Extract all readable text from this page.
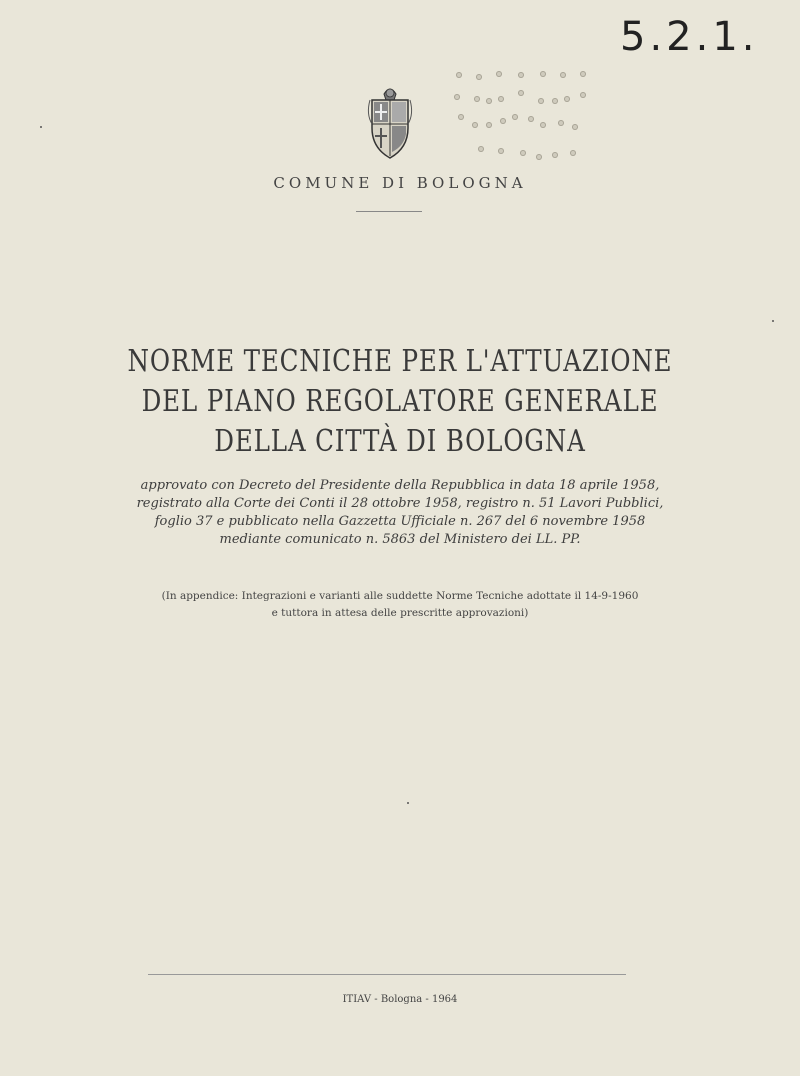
5.2.1.
COMUNE DI BOLOGNA
NORME TECNICHE PER L'ATTUAZIONE
DEL PIANO REGOLATORE GENERALE
DELLA CITTÀ DI BOLOGNA
approvato con Decreto del Presidente della Repubblica in data 18 aprile 1958,
registrato alla Corte dei Conti il 28 ottobre 1958, registro n. 51 Lavori Pubblici,
foglio 37 e pubblicato nella Gazzetta Ufficiale n. 267 del 6 novembre 1958
mediante comunicato n. 5863 del Ministero dei LL. PP.
(In appendice: Integrazioni e varianti alle suddette Norme Tecniche adottate il 14-9-1960
e tuttora in attesa delle prescritte approvazioni)
ITIAV - Bologna - 1964
